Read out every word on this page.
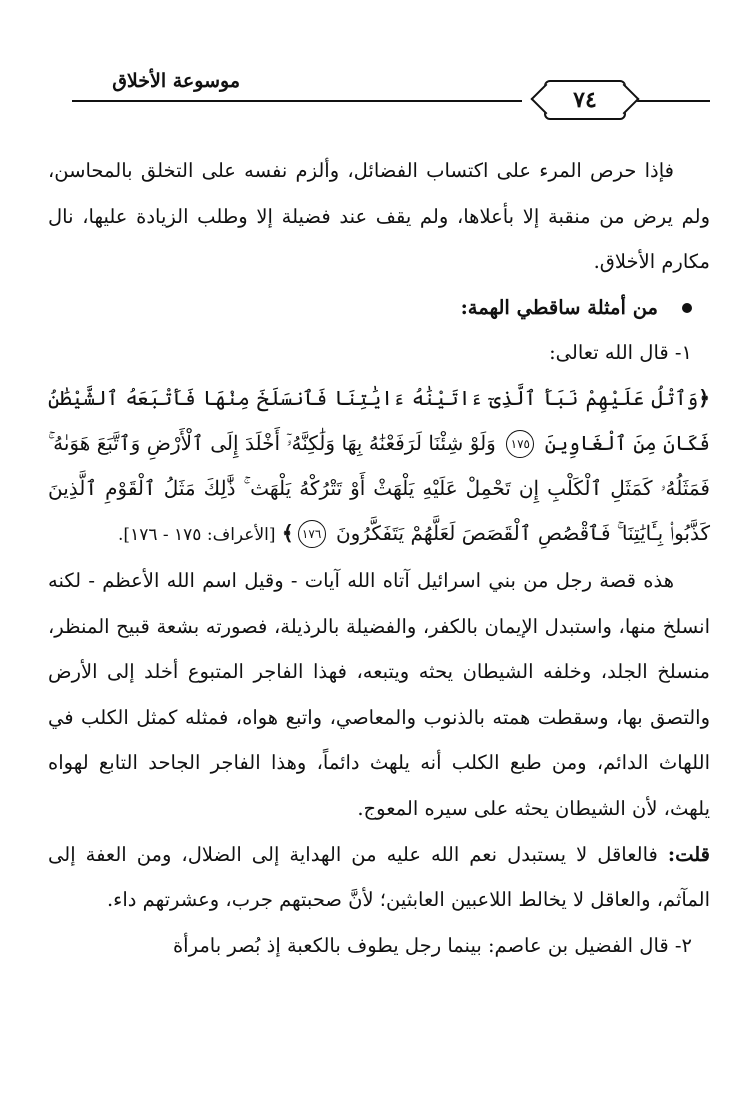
٧٤
موسوعة الأخلاق

فإذا حرص المرء على اكتساب الفضائل، وألزم نفسه على التخلق بالمحاسن، ولم يرض من منقبة إلا بأعلاها، ولم يقف عند فضيلة إلا وطلب الزيادة عليها، نال مكارم الأخلاق.

من أمثلة ساقطي الهمة:

١- قال الله تعالى:

﴿وَٱتْلُ عَلَيْهِمْ نَبَأَ ٱلَّذِىٓ ءَاتَيْنَٰهُ ءَايَٰتِنَا فَٱنسَلَخَ مِنْهَا فَأَتْبَعَهُ ٱلشَّيْطَٰنُ فَكَانَ مِنَ ٱلْغَاوِينَ ١٧٥ وَلَوْ شِئْنَا لَرَفَعْنَٰهُ بِهَا وَلَٰكِنَّهُۥٓ أَخْلَدَ إِلَى ٱلْأَرْضِ وَٱتَّبَعَ هَوَىٰهُ ۚ فَمَثَلُهُۥ كَمَثَلِ ٱلْكَلْبِ إِن تَحْمِلْ عَلَيْهِ يَلْهَثْ أَوْ تَتْرُكْهُ يَلْهَث ۚ ذَّٰلِكَ مَثَلُ ٱلْقَوْمِ ٱلَّذِينَ كَذَّبُوا۟ بِـَٔايَٰتِنَا ۚ فَٱقْصُصِ ٱلْقَصَصَ لَعَلَّهُمْ يَتَفَكَّرُونَ ١٧٦﴾ [الأعراف: ١٧٥ - ١٧٦].

هذه قصة رجل من بني اسرائيل آتاه الله آيات - وقيل اسم الله الأعظم - لكنه انسلخ منها، واستبدل الإيمان بالكفر، والفضيلة بالرذيلة، فصورته بشعة قبيح المنظر، منسلخ الجلد، وخلفه الشيطان يحثه ويتبعه، فهذا الفاجر المتبوع أخلد إلى الأرض والتصق بها، وسقطت همته بالذنوب والمعاصي، واتبع هواه، فمثله كمثل الكلب في اللهاث الدائم، ومن طبع الكلب أنه يلهث دائماً، وهذا الفاجر الجاحد التابع لهواه يلهث، لأن الشيطان يحثه على سيره المعوج.

قلت: فالعاقل لا يستبدل نعم الله عليه من الهداية إلى الضلال، ومن العفة إلى المآثم، والعاقل لا يخالط اللاعبين العابثين؛ لأنَّ صحبتهم جرب، وعشرتهم داء.

٢- قال الفضيل بن عاصم: بينما رجل يطوف بالكعبة إذ بُصر بامرأة
